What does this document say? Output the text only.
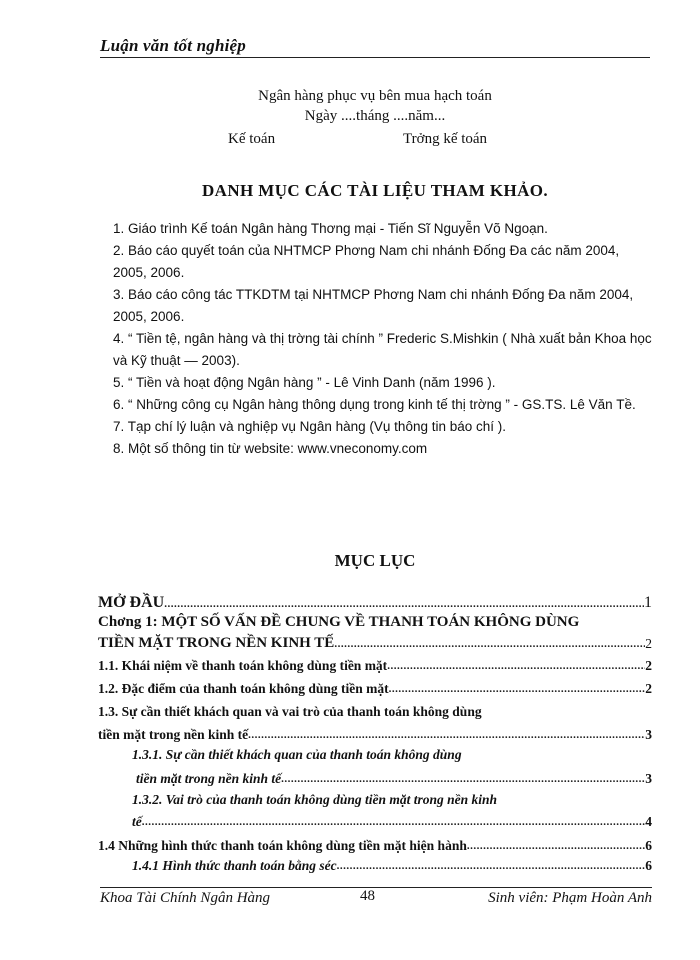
Luận văn tốt nghiệp
Ngân hàng phục vụ bên mua hạch toán
Ngày ....tháng ....năm...
Kế toán	Trởng kế toán
DANH MỤC CÁC TÀI LIỆU THAM KHẢO.

1. Giáo trình Kế toán Ngân hàng Thơng mại - Tiến Sĩ Nguyễn Võ Ngoạn.

2. Báo cáo quyết toán của NHTMCP Phơng Nam chi nhánh Đống Đa các năm 2004, 2005, 2006.

3. Báo cáo công tác TTKDTM tại NHTMCP Phơng Nam chi nhánh Đống Đa năm 2004, 2005, 2006.

4. “ Tiền tệ, ngân hàng và thị trờng tài chính ” Frederic S.Mishkin ( Nhà xuất bản Khoa học và Kỹ thuật — 2003).

5. “ Tiền và hoạt động Ngân hàng ” - Lê Vinh Danh (năm 1996 ).

6. “ Những công cụ Ngân hàng thông dụng trong kinh tế thị trờng ” - GS.TS. Lê Văn Tề.

7. Tạp chí lý luận và nghiệp vụ Ngân hàng (Vụ thông tin báo chí ).

8. Một số thông tin từ website: www.vneconomy.com

MỤC LỤC
MỞ ĐẦU .....	1
Chơng 1: MỘT SỐ VẤN ĐỀ CHUNG VỀ THANH TOÁN KHÔNG DÙNG
TIỀN MẶT TRONG NỀN KINH TẾ .....	2
1.1. Khái niệm về thanh toán không dùng tiền mặt .....	2
1.2. Đặc điểm của thanh toán không dùng tiền mặt .....	2
1.3. Sự cần thiết khách quan và vai trò của thanh toán không dùng
tiền mặt trong nền kinh tế .....	3
1.3.1. Sự cần thiết khách quan của thanh toán không dùng
tiền mặt trong nền kinh tế .....	3
1.3.2. Vai trò của thanh toán không dùng tiền mặt trong nền kinh
tế .....	4
1.4 Những hình thức thanh toán không dùng tiền mặt hiện hành .....	6
1.4.1 Hình thức thanh toán bằng séc .....	6
Khoa Tài Chính Ngân Hàng	48	Sinh viên: Phạm Hoàn Anh
